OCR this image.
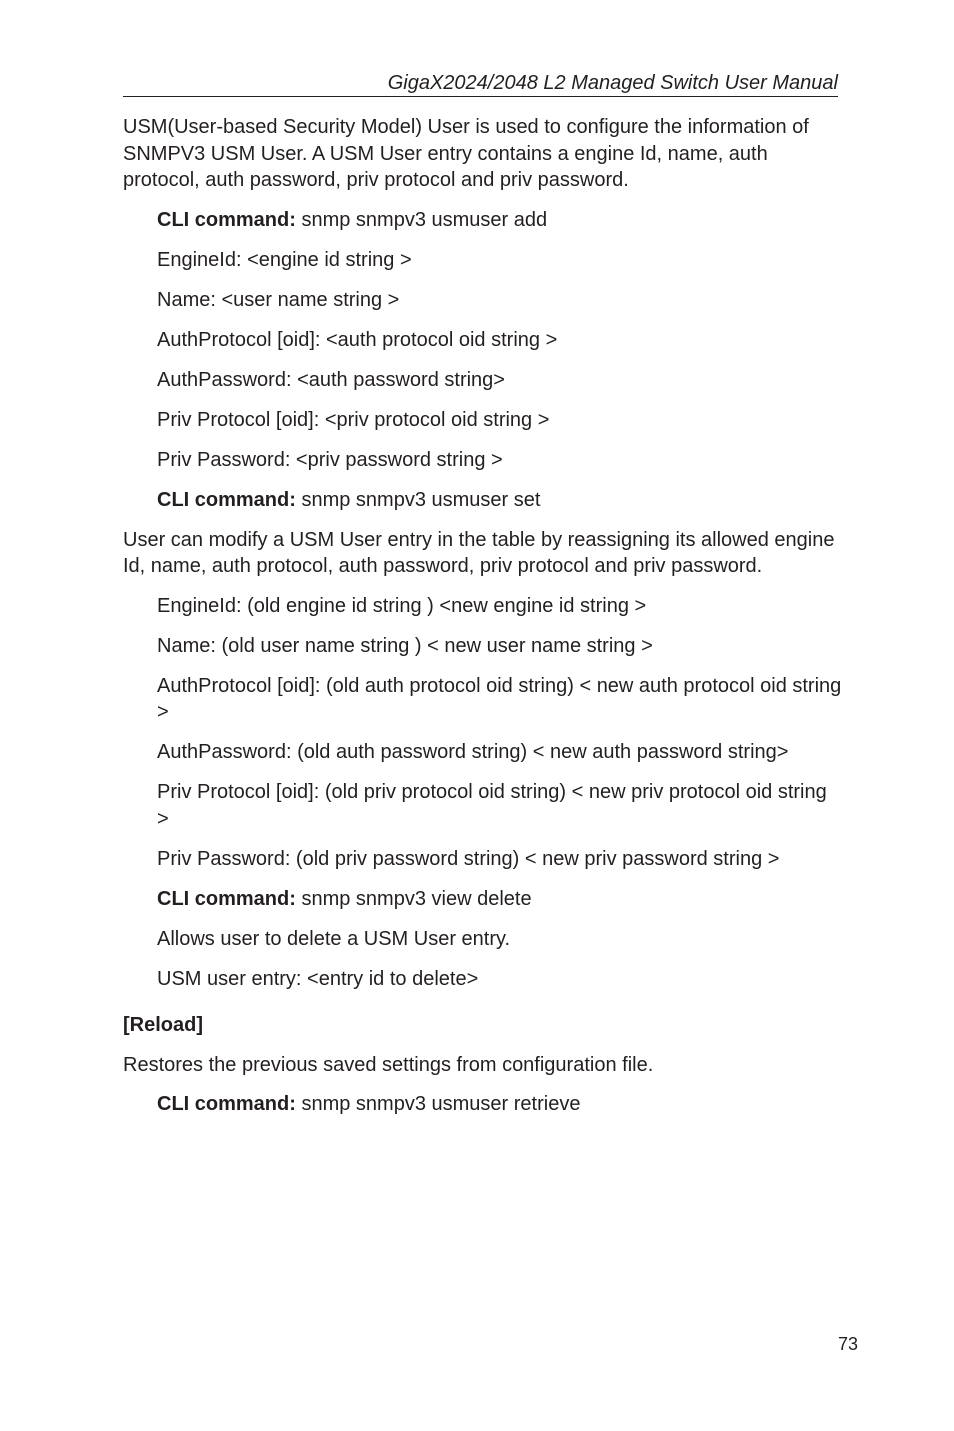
GigaX2024/2048 L2 Managed Switch User Manual

USM(User-based Security Model) User is used to configure the information of SNMPV3 USM User. A USM User entry contains a engine Id, name, auth protocol, auth password, priv protocol and priv password.

CLI command: snmp snmpv3 usmuser add

EngineId: <engine id string >

Name: <user name string >

AuthProtocol [oid]: <auth protocol oid string >

AuthPassword: <auth password string>

Priv Protocol [oid]: <priv protocol oid string >

Priv Password: <priv password string >

CLI command: snmp snmpv3 usmuser set

User can modify a USM User entry in the table by reassigning its allowed engine Id, name, auth protocol, auth password, priv protocol and priv password.

EngineId: (old engine id string ) <new engine id string >

Name: (old user name string ) < new user name string >

AuthProtocol [oid]: (old auth protocol oid string) < new auth protocol oid string >

AuthPassword: (old auth password string) < new auth password string>

Priv Protocol [oid]: (old priv protocol oid string) < new priv protocol oid string >

Priv Password: (old priv password string) < new priv password string >

CLI command: snmp snmpv3 view delete

Allows user to delete a USM User entry.

USM user entry: <entry id to delete>

[Reload]

Restores the previous saved settings from configuration file.

CLI command: snmp snmpv3 usmuser retrieve

73
